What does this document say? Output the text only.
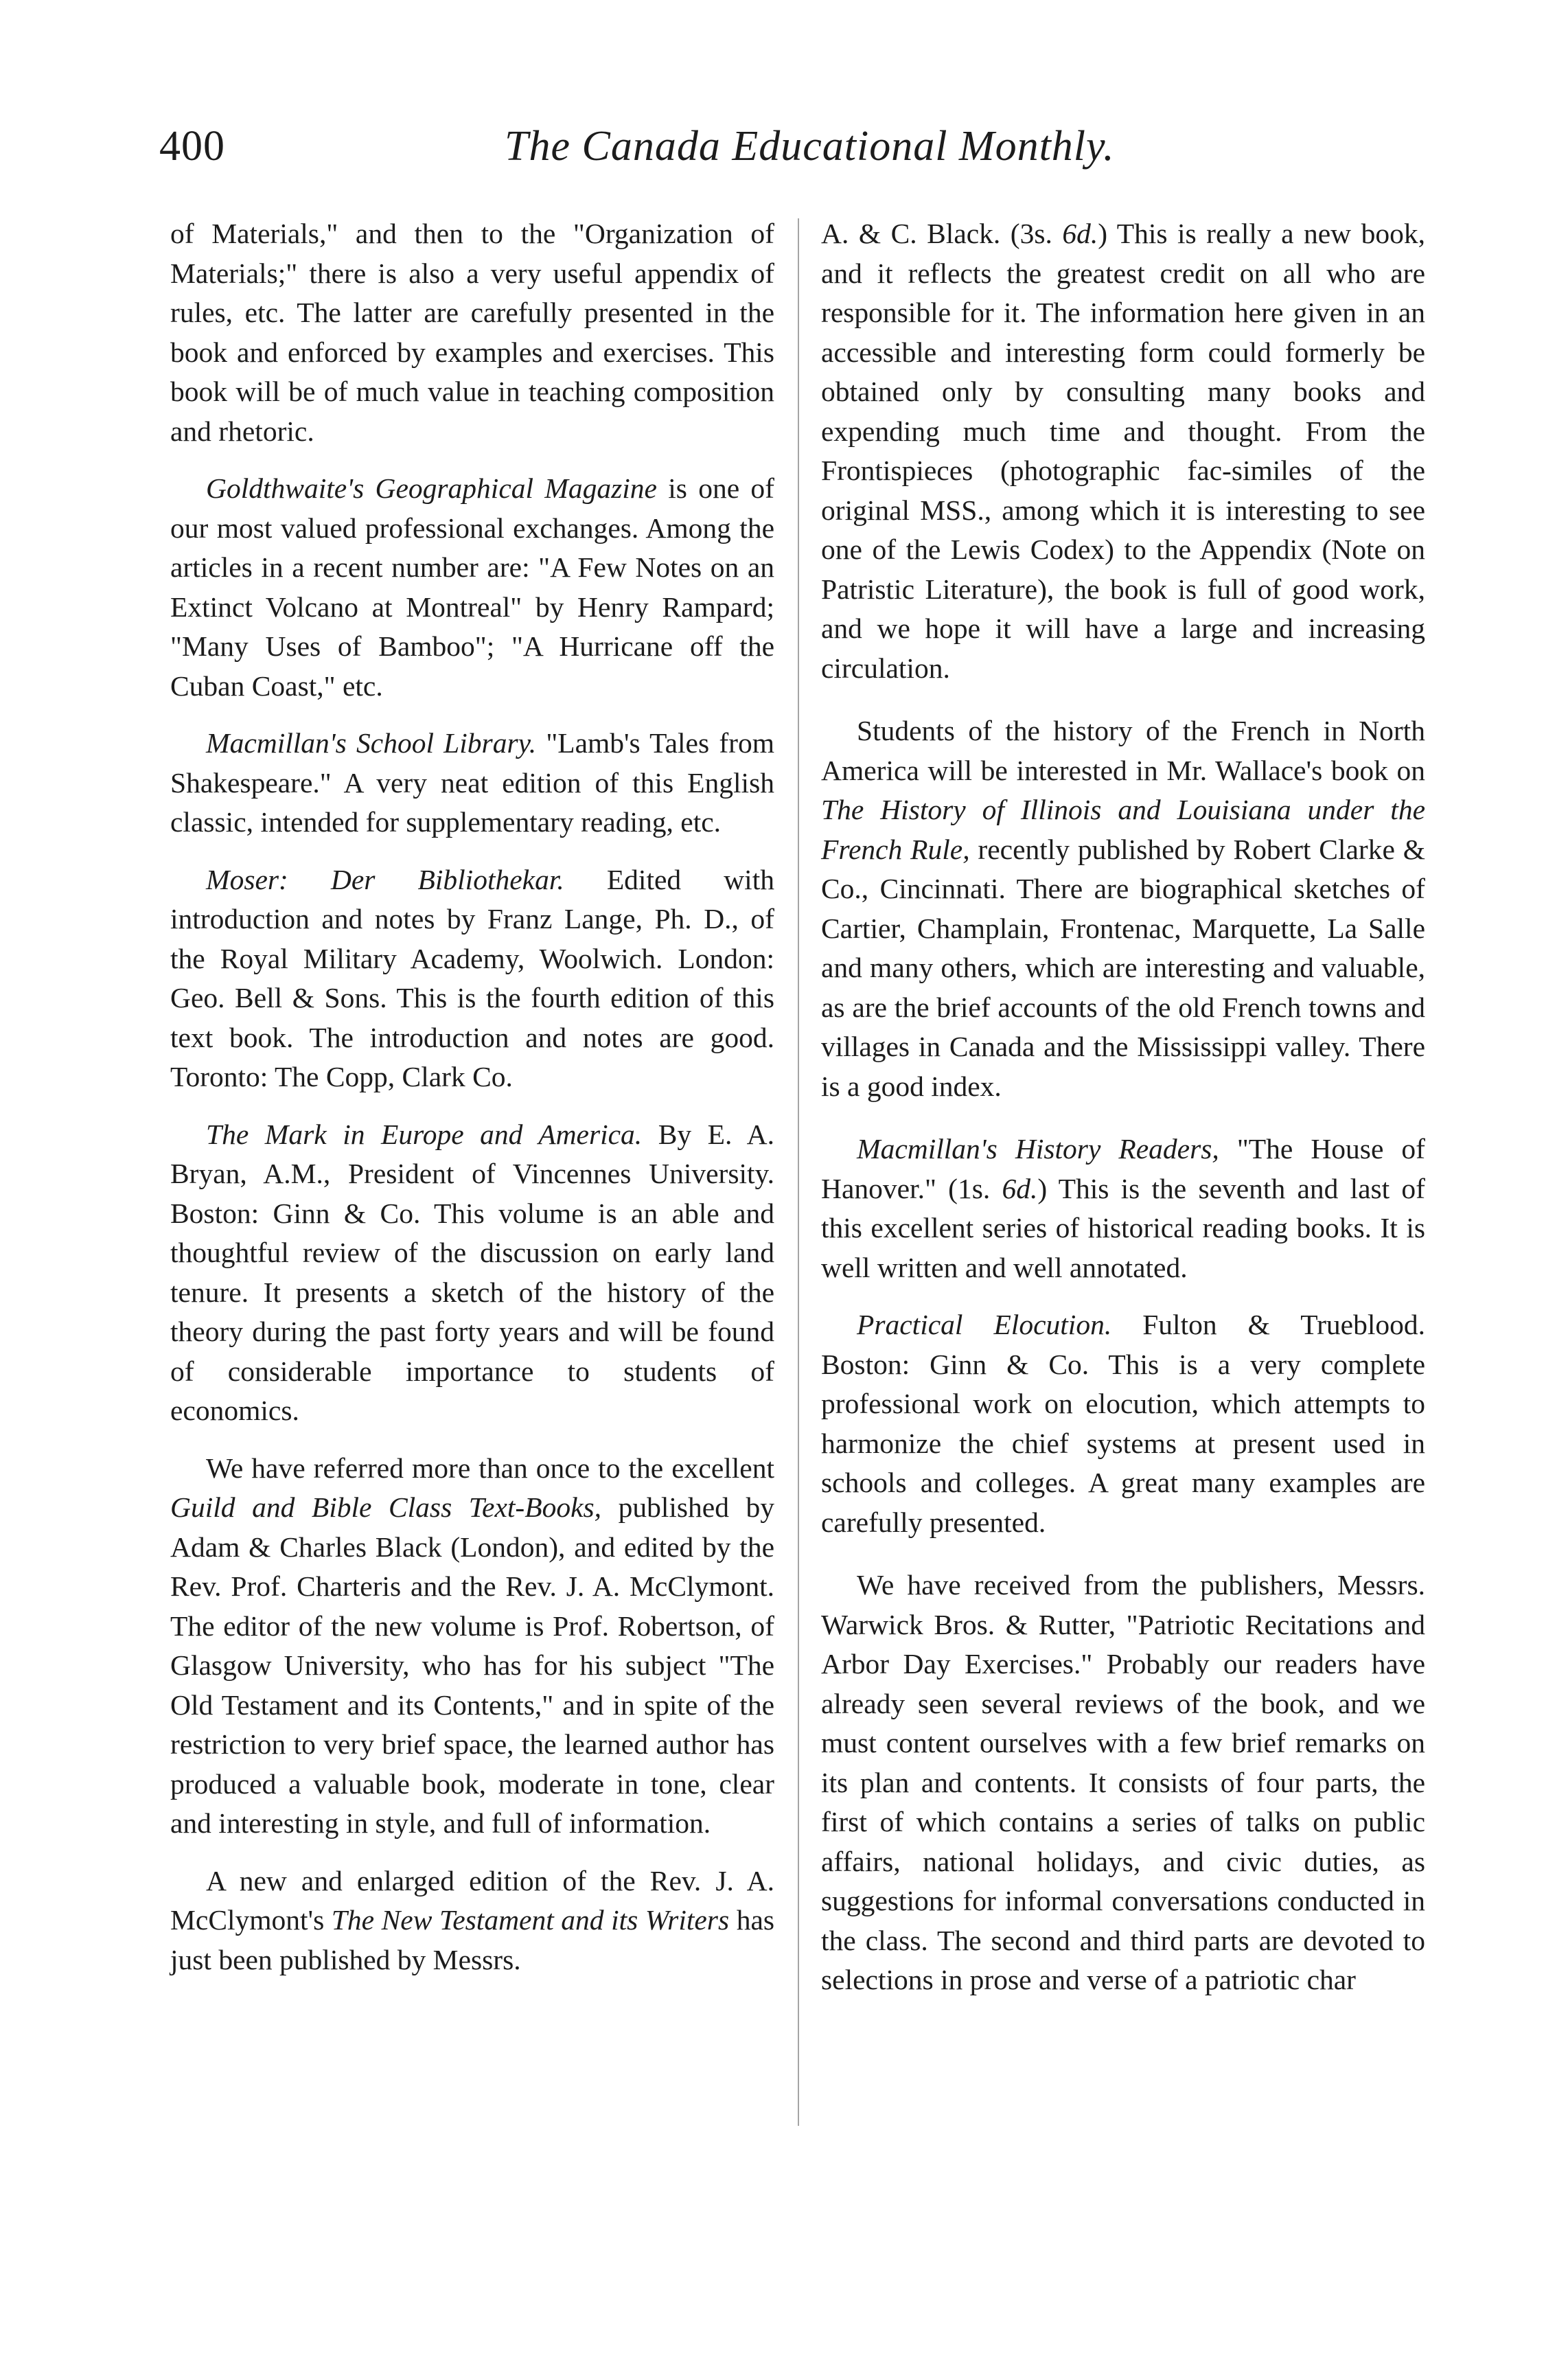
400	The Canada Educational Monthly.

of Materials," and then to the "Organization of Materials;" there is also a very useful appendix of rules, etc. The latter are carefully presented in the book and enforced by examples and exercises. This book will be of much value in teaching composition and rhetoric.

Goldthwaite's Geographical Magazine is one of our most valued professional exchanges. Among the articles in a recent number are: "A Few Notes on an Extinct Volcano at Montreal" by Henry Rampard; "Many Uses of Bamboo"; "A Hurricane off the Cuban Coast," etc.

Macmillan's School Library. "Lamb's Tales from Shakespeare." A very neat edition of this English classic, intended for supplementary reading, etc.

Moser: Der Bibliothekar. Edited with introduction and notes by Franz Lange, Ph. D., of the Royal Military Academy, Woolwich. London: Geo. Bell & Sons. This is the fourth edition of this text book. The introduction and notes are good. Toronto: The Copp, Clark Co.

The Mark in Europe and America. By E. A. Bryan, A.M., President of Vincennes University. Boston: Ginn & Co. This volume is an able and thoughtful review of the discussion on early land tenure. It presents a sketch of the history of the theory during the past forty years and will be found of considerable importance to students of economics.

We have referred more than once to the excellent Guild and Bible Class Text-Books, published by Adam & Charles Black (London), and edited by the Rev. Prof. Charteris and the Rev. J. A. McClymont. The editor of the new volume is Prof. Robertson, of Glasgow University, who has for his subject "The Old Testament and its Contents," and in spite of the restriction to very brief space, the learned author has produced a valuable book, moderate in tone, clear and interesting in style, and full of information.

A new and enlarged edition of the Rev. J. A. McClymont's The New Testament and its Writers has just been published by Messrs.

A. & C. Black. (3s. 6d.) This is really a new book, and it reflects the greatest credit on all who are responsible for it. The information here given in an accessible and interesting form could formerly be obtained only by consulting many books and expending much time and thought. From the Frontispieces (photographic fac-similes of the original MSS., among which it is interesting to see one of the Lewis Codex) to the Appendix (Note on Patristic Literature), the book is full of good work, and we hope it will have a large and increasing circulation.

Students of the history of the French in North America will be interested in Mr. Wallace's book on The History of Illinois and Louisiana under the French Rule, recently published by Robert Clarke & Co., Cincinnati. There are biographical sketches of Cartier, Champlain, Frontenac, Marquette, La Salle and many others, which are interesting and valuable, as are the brief accounts of the old French towns and villages in Canada and the Mississippi valley. There is a good index.

Macmillan's History Readers, "The House of Hanover." (1s. 6d.) This is the seventh and last of this excellent series of historical reading books. It is well written and well annotated.

Practical Elocution. Fulton & Trueblood. Boston: Ginn & Co. This is a very complete professional work on elocution, which attempts to harmonize the chief systems at present used in schools and colleges. A great many examples are carefully presented.

We have received from the publishers, Messrs. Warwick Bros. & Rutter, "Patriotic Recitations and Arbor Day Exercises." Probably our readers have already seen several reviews of the book, and we must content ourselves with a few brief remarks on its plan and contents. It consists of four parts, the first of which contains a series of talks on public affairs, national holidays, and civic duties, as suggestions for informal conversations conducted in the class. The second and third parts are devoted to selections in prose and verse of a patriotic char
